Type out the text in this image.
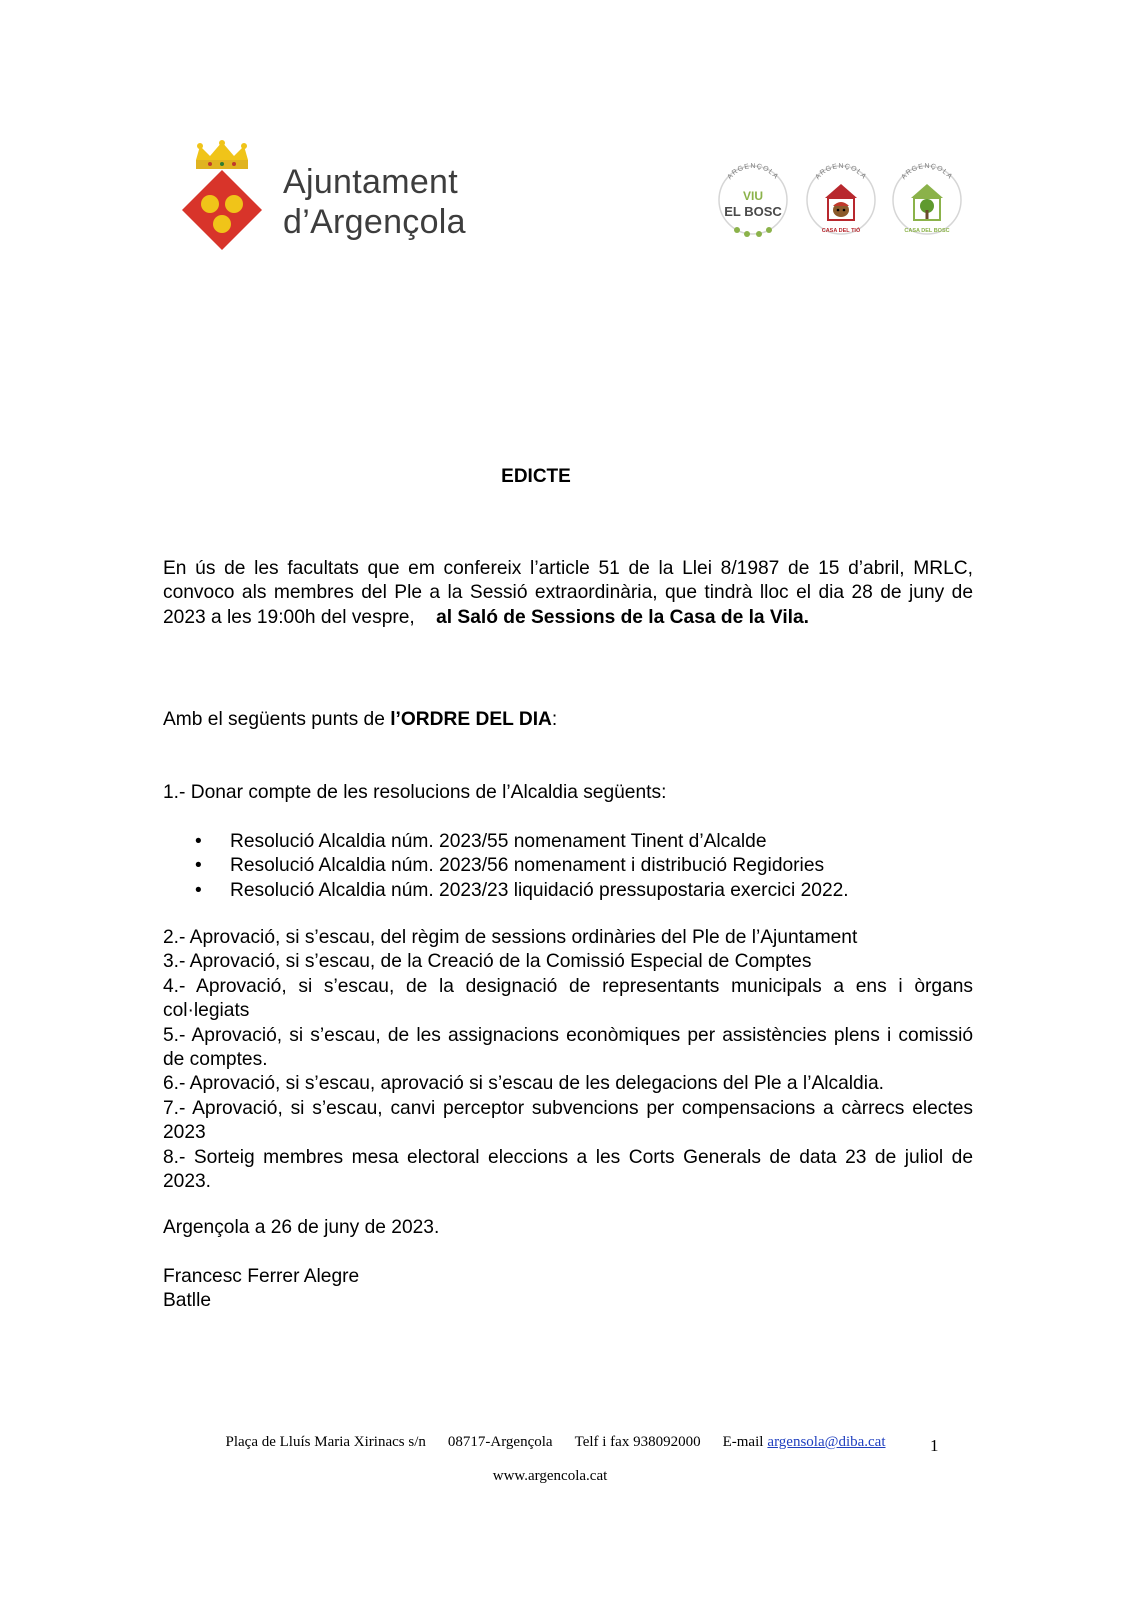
Ajuntament
d’Argençola
ARGENÇOLA
VIU
EL BOSC
ARGENÇOLA
CASA DEL TIÓ
ARGENÇOLA
CASA DEL BOSC
EDICTE
En ús de les facultats que em confereix l’article 51 de la Llei 8/1987 de 15 d’abril, MRLC, convoco als membres del Ple a la Sessió extraordinària, que tindrà lloc el dia 28 de juny de 2023 a les 19:00h del vespre, al Saló de Sessions de la Casa de la Vila.
Amb el següents punts de l’ORDRE DEL DIA:
1.- Donar compte de les resolucions de l’Alcaldia següents:
• Resolució Alcaldia núm. 2023/55 nomenament Tinent d’Alcalde
• Resolució Alcaldia núm. 2023/56 nomenament i distribució Regidories
• Resolució Alcaldia núm. 2023/23 liquidació pressupostaria exercici 2022.
2.- Aprovació, si s’escau, del règim de sessions ordinàries del Ple de l’Ajuntament
3.- Aprovació, si s’escau, de la Creació de la Comissió Especial de Comptes
4.- Aprovació, si s’escau, de la designació de representants municipals a ens i òrgans col·legiats
5.- Aprovació, si s’escau, de les assignacions econòmiques per assistències plens i comissió de comptes.
6.- Aprovació, si s’escau, aprovació si s’escau de les delegacions del Ple a l’Alcaldia.
7.- Aprovació, si s’escau, canvi perceptor subvencions per compensacions a càrrecs electes 2023
8.- Sorteig membres mesa electoral eleccions a les Corts Generals de data 23 de juliol de 2023.
Argençola a 26 de juny de 2023.
Francesc Ferrer Alegre
Batlle
Plaça de Lluís Maria Xirinacs s/n 08717-Argençola Telf i fax 938092000 E-mail argensola@diba.cat	1
www.argencola.cat
